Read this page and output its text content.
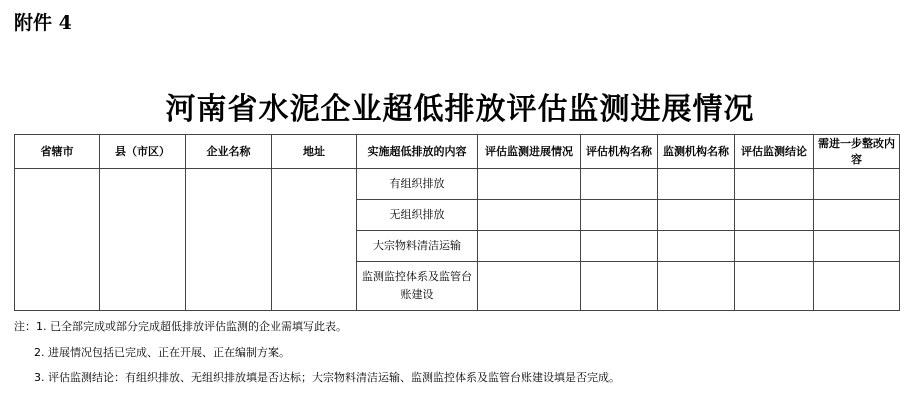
附件 4
河南省水泥企业超低排放评估监测进展情况
省辖市	县（市区）	企业名称	地址	实施超低排放的内容	评估监测进展情况	评估机构名称	监测机构名称	评估监测结论	需进一步整改内容
				有组织排放					
				无组织排放					
				大宗物料清洁运输					
				监测监控体系及监管台账建设					
注：1. 已全部完成或部分完成超低排放评估监测的企业需填写此表。
2. 进展情况包括已完成、正在开展、正在编制方案。
3. 评估监测结论：有组织排放、无组织排放填是否达标；大宗物料清洁运输、监测监控体系及监管台账建设填是否完成。
